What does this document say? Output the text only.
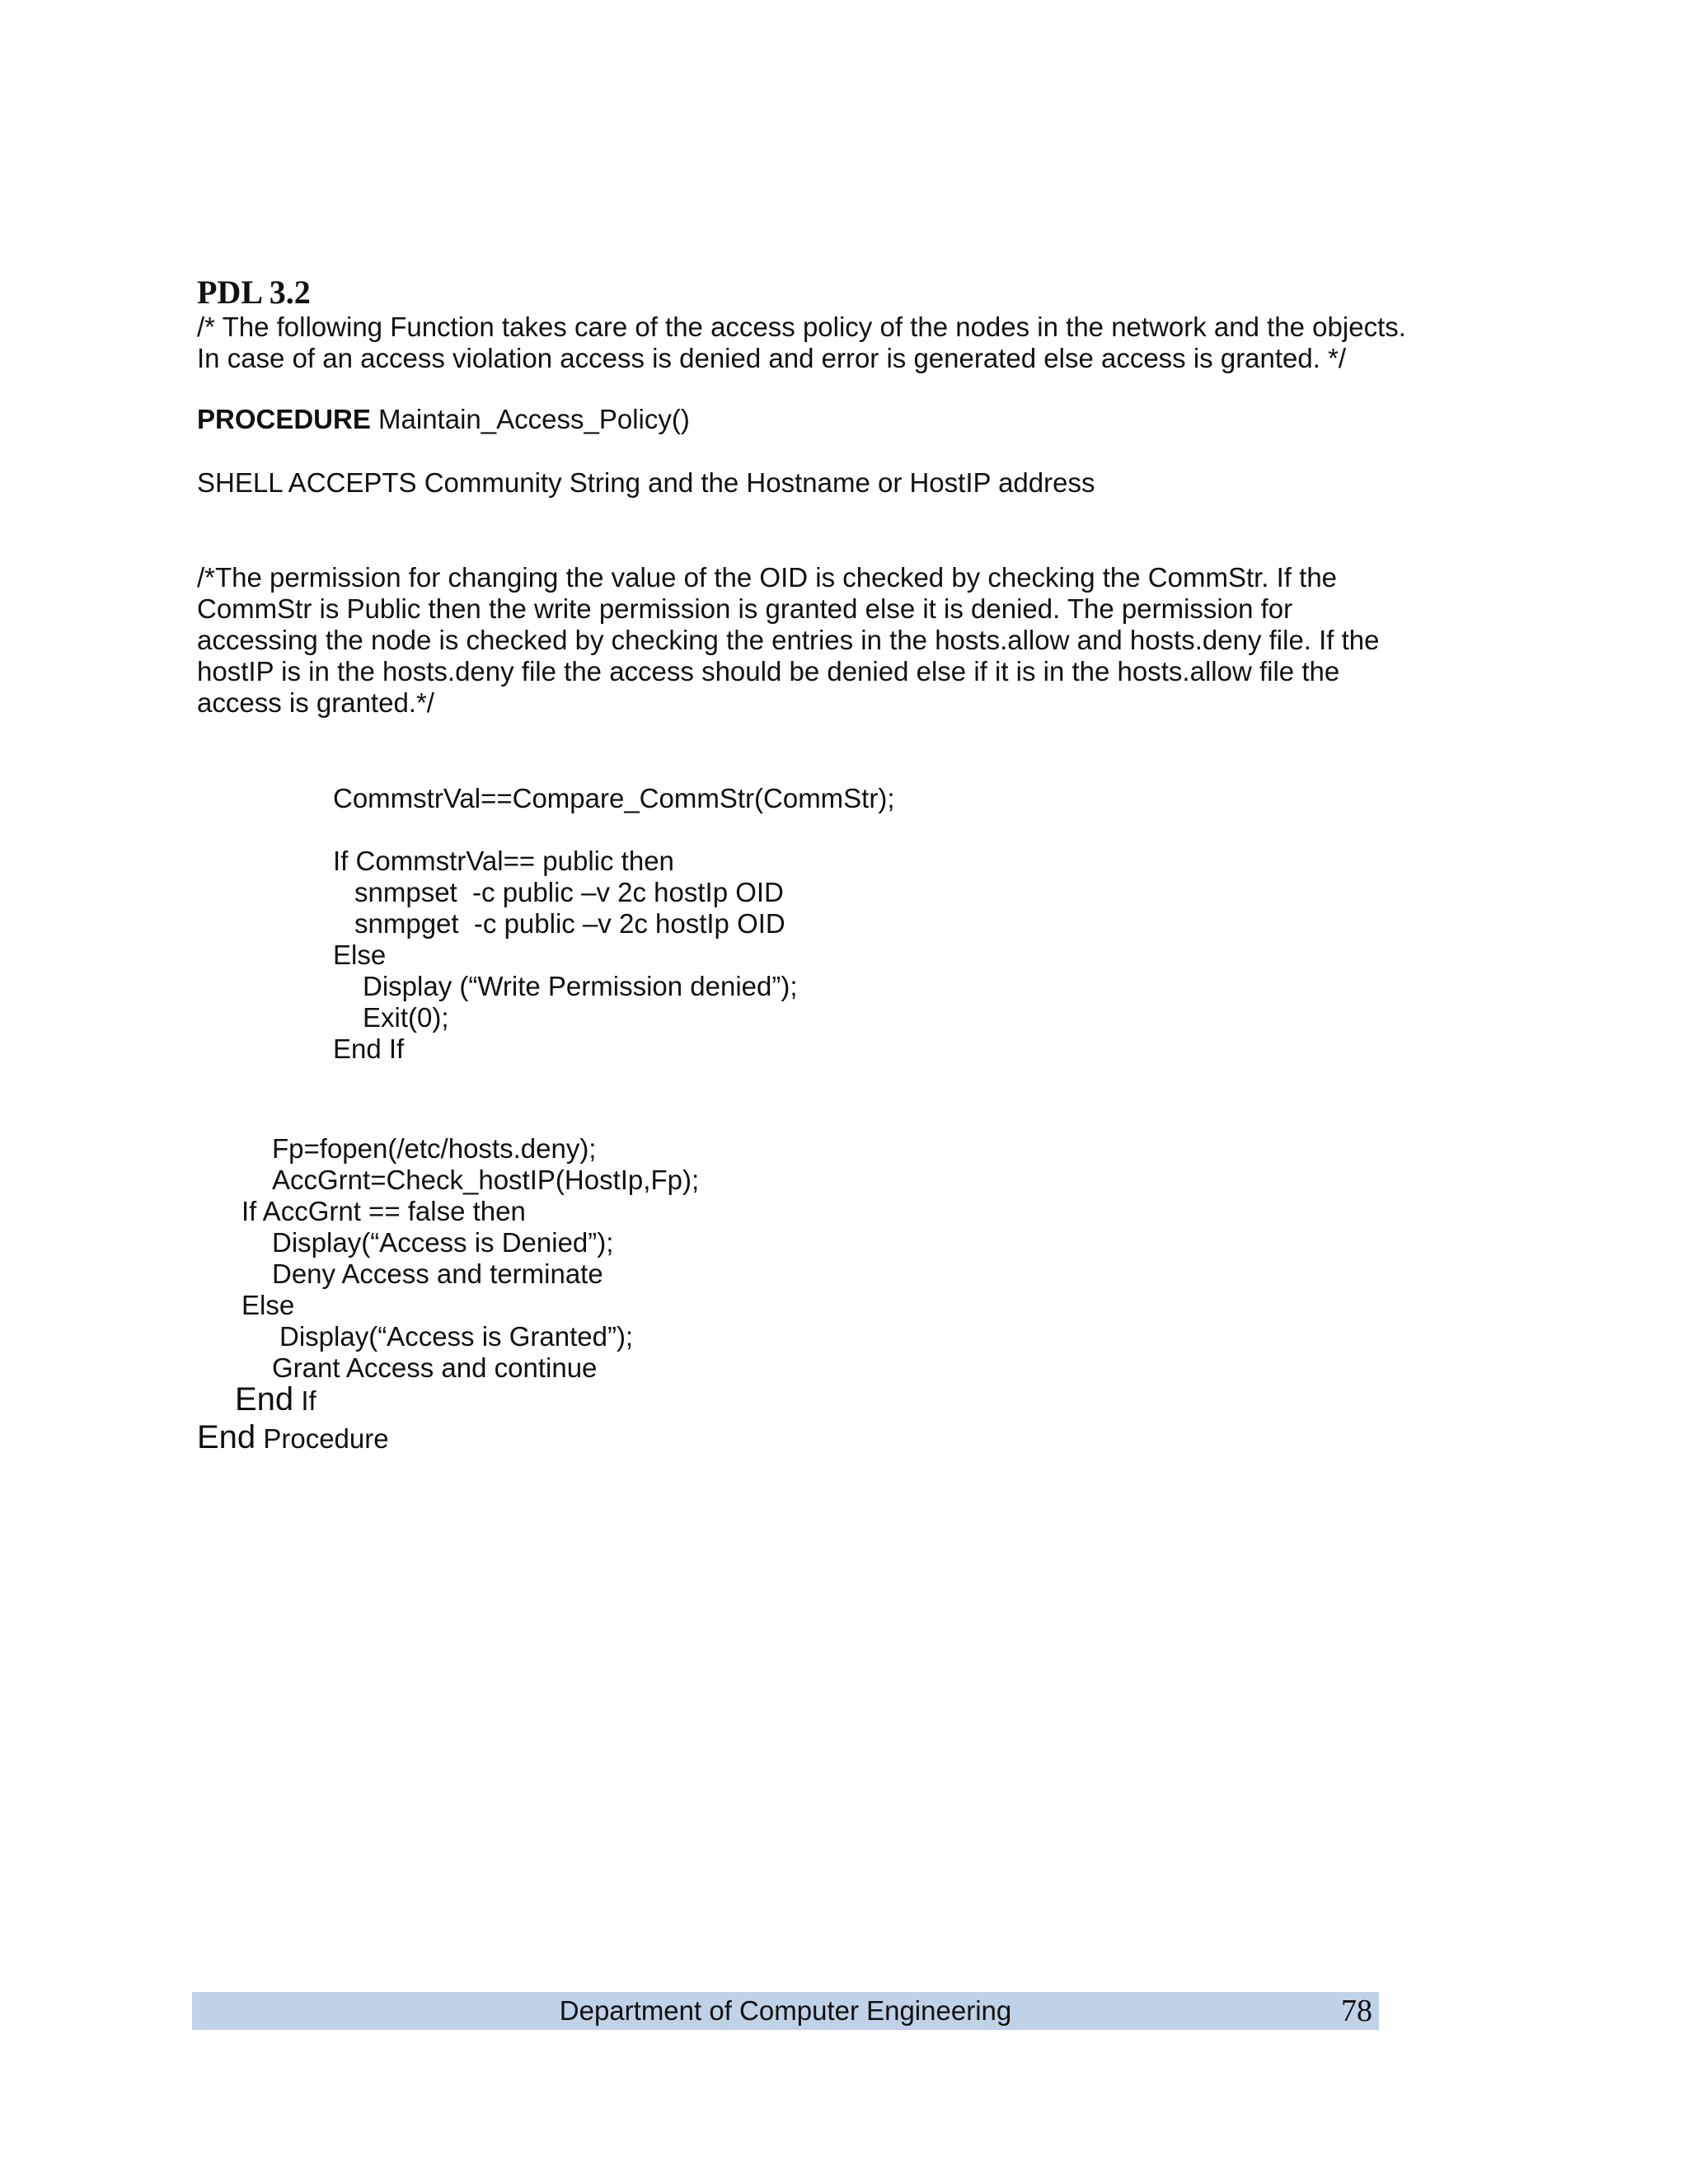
PDL 3.2
/* The following Function takes care of the access policy of the nodes in the network and the objects.
In case of an access violation access is denied and error is generated else access is granted. */
PROCEDURE Maintain_Access_Policy()
SHELL ACCEPTS Community String and the Hostname or HostIP address
/*The permission for changing the value of the OID is checked by checking the CommStr. If the
CommStr is Public then the write permission is granted else it is denied. The permission for
accessing the node is checked by checking the entries in the hosts.allow and hosts.deny file. If the
hostIP is in the hosts.deny file the access should be denied else if it is in the hosts.allow file the
access is granted.*/
CommstrVal==Compare_CommStr(CommStr);
If CommstrVal== public then
snmpset  -c public –v 2c hostIp OID
snmpget  -c public –v 2c hostIp OID
Else
Display (“Write Permission denied”);
Exit(0);
End If
Fp=fopen(/etc/hosts.deny);
AccGrnt=Check_hostIP(HostIp,Fp);
If AccGrnt == false then
Display(“Access is Denied”);
Deny Access and terminate
Else
Display(“Access is Granted”);
Grant Access and continue
End If
End Procedure
Department of Computer Engineering	78
